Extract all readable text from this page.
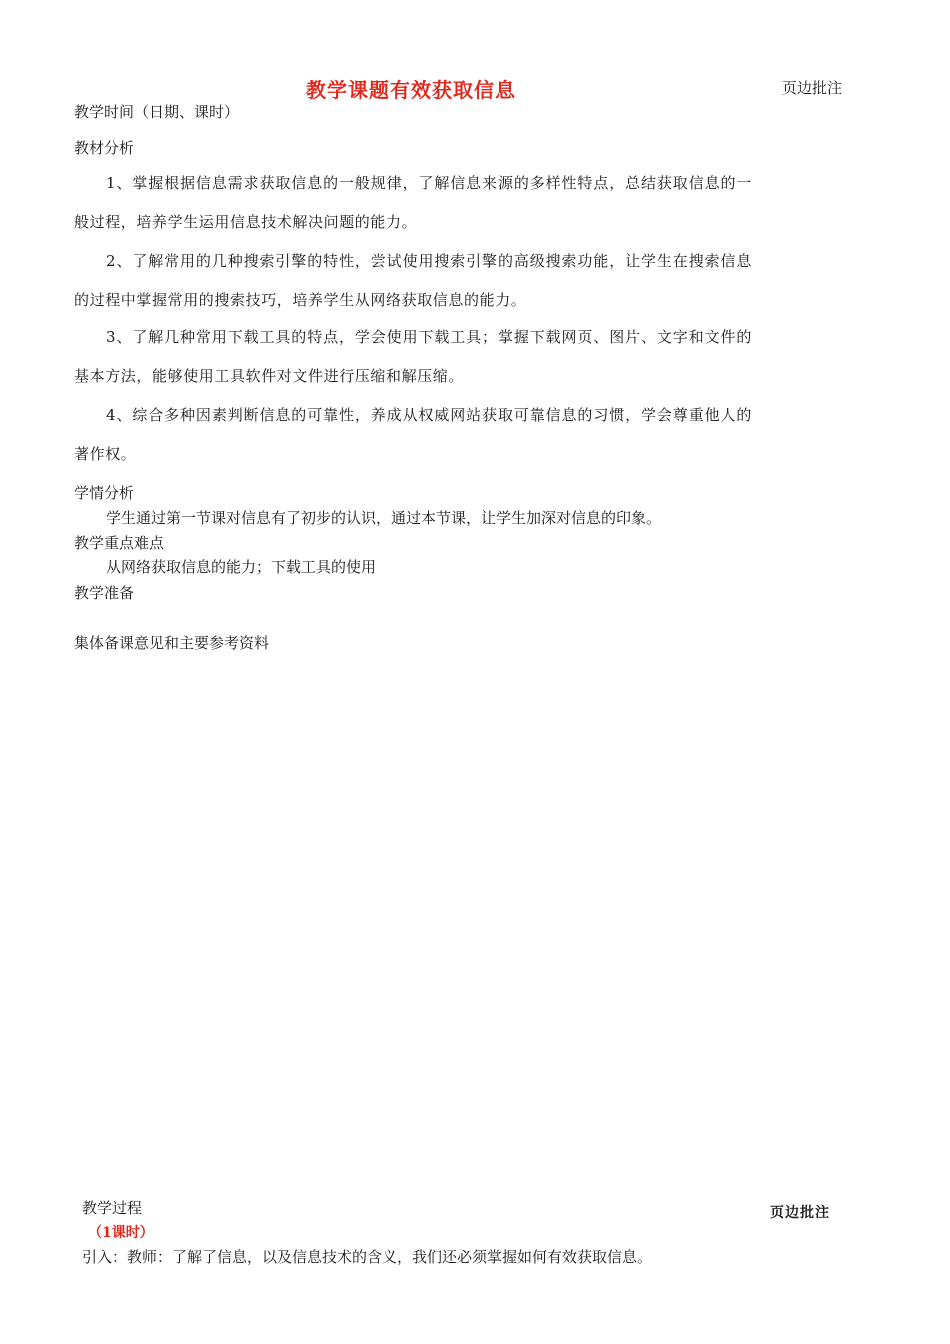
教学课题有效获取信息	页边批注
教学时间（日期、课时）
教材分析
1、掌握根据信息需求获取信息的一般规律，了解信息来源的多样性特点，总结获取信息的一般过程，培养学生运用信息技术解决问题的能力。
2、了解常用的几种搜索引擎的特性，尝试使用搜索引擎的高级搜索功能，让学生在搜索信息的过程中掌握常用的搜索技巧，培养学生从网络获取信息的能力。
3、了解几种常用下载工具的特点，学会使用下载工具；掌握下载网页、图片、文字和文件的基本方法，能够使用工具软件对文件进行压缩和解压缩。
4、综合多种因素判断信息的可靠性，养成从权威网站获取可靠信息的习惯，学会尊重他人的著作权。
学情分析
学生通过第一节课对信息有了初步的认识，通过本节课，让学生加深对信息的印象。
教学重点难点
从网络获取信息的能力；下载工具的使用
教学准备
集体备课意见和主要参考资料
教学过程	页边批注
（1课时）
引入：教师：了解了信息，以及信息技术的含义，我们还必须掌握如何有效获取信息。
